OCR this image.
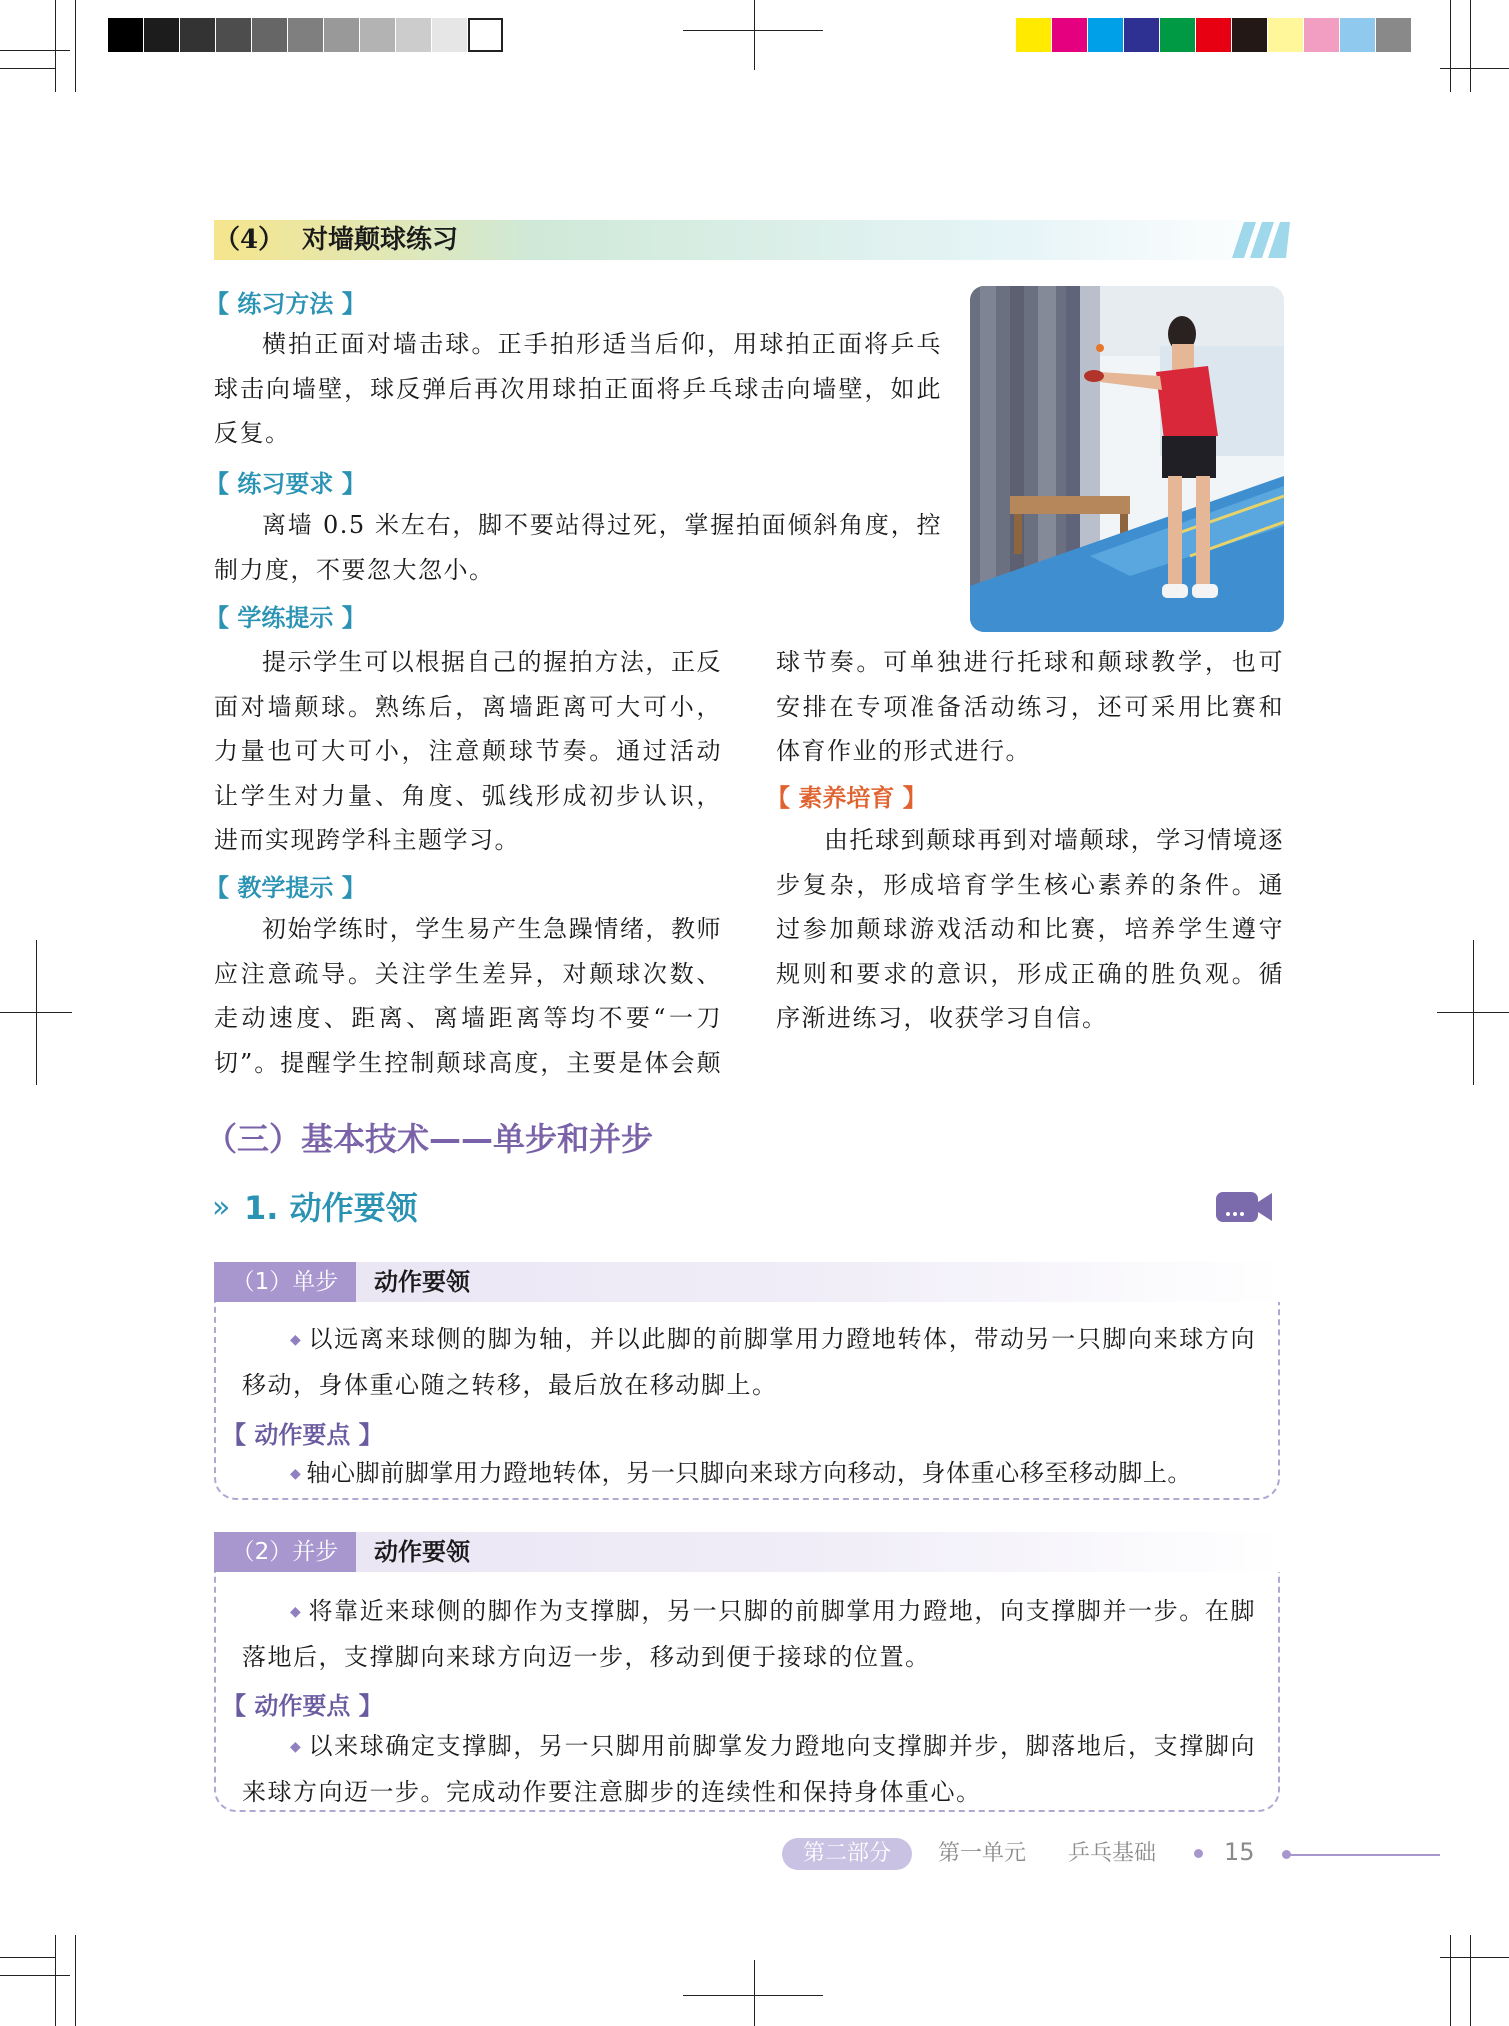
（4） 对墙颠球练习
【 练习方法 】
横拍正面对墙击球。正手拍形适当后仰，用球拍正面将乒乓球击向墙壁，球反弹后再次用球拍正面将乒乓球击向墙壁，如此反复。
【 练习要求 】
离墙 0.5 米左右，脚不要站得过死，掌握拍面倾斜角度，控制力度，不要忽大忽小。
【 学练提示 】
提示学生可以根据自己的握拍方法，正反面对墙颠球。熟练后，离墙距离可大可小，力量也可大可小，注意颠球节奏。通过活动让学生对力量、角度、弧线形成初步认识，进而实现跨学科主题学习。
【 教学提示 】
初始学练时，学生易产生急躁情绪，教师应注意疏导。关注学生差异，对颠球次数、走动速度、距离、离墙距离等均不要“一刀切”。提醒学生控制颠球高度，主要是体会颠
球节奏。可单独进行托球和颠球教学，也可安排在专项准备活动练习，还可采用比赛和体育作业的形式进行。
【 素养培育 】
由托球到颠球再到对墙颠球，学习情境逐步复杂，形成培育学生核心素养的条件。通过参加颠球游戏活动和比赛，培养学生遵守规则和要求的意识，形成正确的胜负观。循序渐进练习，收获学习自信。
（三）基本技术——单步和并步
» 1. 动作要领
（1）单步	动作要领
◆ 以远离来球侧的脚为轴，并以此脚的前脚掌用力蹬地转体，带动另一只脚向来球方向移动，身体重心随之转移，最后放在移动脚上。
【 动作要点 】
◆ 轴心脚前脚掌用力蹬地转体，另一只脚向来球方向移动，身体重心移至移动脚上。
（2）并步	动作要领
◆ 将靠近来球侧的脚作为支撑脚，另一只脚的前脚掌用力蹬地，向支撑脚并一步。在脚落地后，支撑脚向来球方向迈一步，移动到便于接球的位置。
【 动作要点 】
◆ 以来球确定支撑脚，另一只脚用前脚掌发力蹬地向支撑脚并步，脚落地后，支撑脚向来球方向迈一步。完成动作要注意脚步的连续性和保持身体重心。
第二部分	第一单元 乒乓基础	15
